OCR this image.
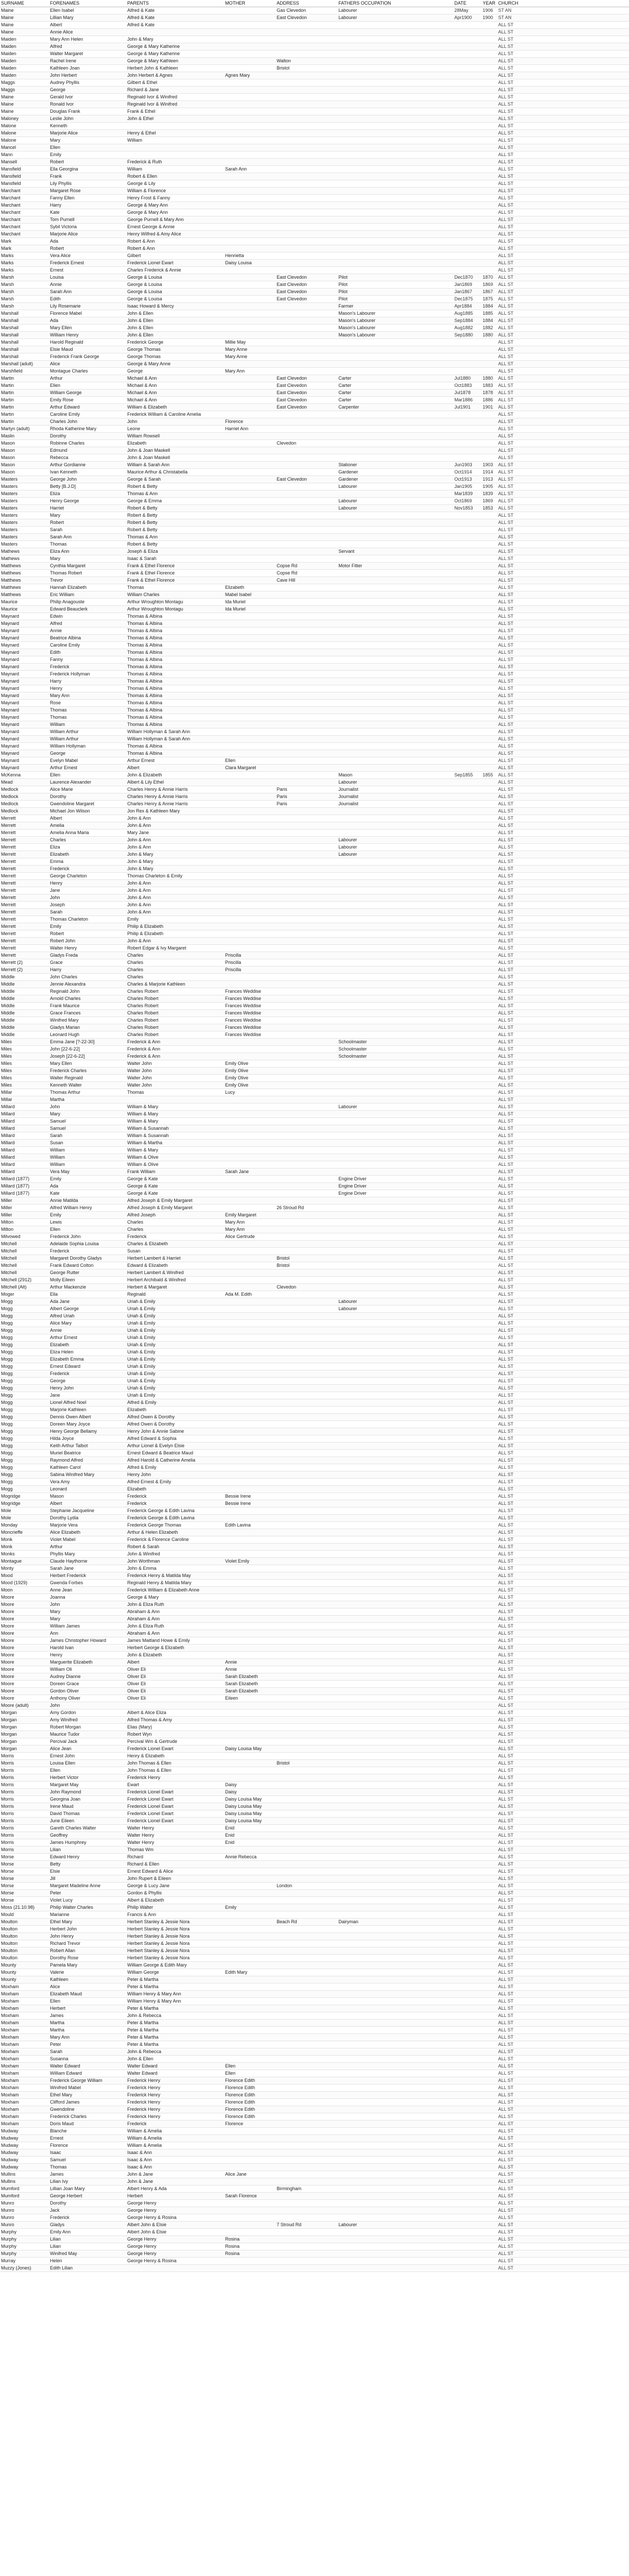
SURNAME	FORENAMES	PARENTS	MOTHER	ADDRESS	FATHERS OCCUPATION	DATE	YEAR	CHURCH
Maine	Ellen Isabel	Alfred & Kate		Gas Clevedon	Labourer	28May	1906	ST AN
Maine	Lillian Mary	Alfred & Kate		East Clevedon	Labourer	Apr1900	1900	ST AN
Maine	Albert	Alfred & Kate						ALL ST
Maine	Annie Alice							ALL ST
Maiden	Mary Ann Helen	John & Mary						ALL ST
Maiden	Alfred	George & Mary Katherine						ALL ST
Maiden	Walter Margaret	George & Mary Katherine						ALL ST
Maiden	Rachel Irene	George & Mary Kathleen		Walton				ALL ST
Maiden	Kathleen Joan	Herbert John & Kathleen		Bristol				ALL ST
Maiden	John Herbert	John Herbert & Agnes	Agnes Mary					ALL ST
Maggs	Audrey Phyllis	Gilbert & Ethel						ALL ST
Maggs	George	Richard & Jane						ALL ST
Maine	Gerald Ivor	Reginald Ivor & Winifred						ALL ST
Maine	Ronald Ivor	Reginald Ivor & Winifred						ALL ST
Maine	Douglas Frank	Frank & Ethel						ALL ST
Maloney	Leslie John	John & Ethel						ALL ST
Malone	Kenneth							ALL ST
Malone	Marjorie Alice	Henry & Ethel						ALL ST
Malone	Mary	William						ALL ST
Mancel	Ellen							ALL ST
Mann	Emily							ALL ST
Mansell	Robert	Frederick & Ruth						ALL ST
Mansfield	Ella Georgina	William	Sarah Ann					ALL ST
Mansfield	Frank	Robert & Ellen						ALL ST
Mansfield	Lily Phyllis	George & Lily						ALL ST
Marchant	Margaret Rose	William & Florence						ALL ST
Marchant	Fanny Ellen	Henry Frost & Fanny						ALL ST
Marchant	Harry	George & Mary Ann						ALL ST
Marchant	Kate	George & Mary Ann						ALL ST
Marchant	Tom Purnell	George Purnell & Mary Ann						ALL ST
Marchant	Sybil Victoria	Ernest George & Annie						ALL ST
Marchant	Marjorie Alice	Henry Wilfred & Amy Alice						ALL ST
Mark	Ada	Robert & Ann						ALL ST
Mark	Robert	Robert & Ann						ALL ST
Marks	Vera Alice	Gilbert	Henrietta					ALL ST
Marks	Frederick Ernest	Frederick Lionel Ewart	Daisy Louisa					ALL ST
Marks	Ernest	Charles Frederick & Annie						ALL ST
Marsh	Louisa	George & Louisa		East Clevedon	Pilot	Dec1870	1870	ALL ST
Marsh	Annie	George & Louisa		East Clevedon	Pilot	Jan1869	1869	ALL ST
Marsh	Sarah Ann	George & Louisa		East Clevedon	Pilot	Jan1867	1867	ALL ST
Marsh	Edith	George & Louisa		East Clevedon	Pilot	Dec1875	1875	ALL ST
Marsh	Lily Rosemarie	Isaac Howard & Mercy			Farmer	Apr1884	1884	ALL ST
Marshall	Florence Mabel	John & Ellen			Mason's Labourer	Aug1885	1885	ALL ST
Marshall	Ada	John & Ellen			Mason's Labourer	Sep1884	1884	ALL ST
Marshall	Mary Ellen	John & Ellen			Mason's Labourer	Aug1882	1882	ALL ST
Marshall	William Henry	John & Ellen			Mason's Labourer	Sep1880	1880	ALL ST
Marshall	Harold Reginald	Frederick George	Millie May					ALL ST
Marshall	Elsie Maud	George Thomas	Mary Anne					ALL ST
Marshall	Frederick Frank George	George Thomas	Mary Anne					ALL ST
Marshall (adult)	Alice	George & Mary Anne						ALL ST
Marshfield	Montague Charles	George	Mary Ann					ALL ST
Martin	Arthur	Michael & Ann		East Clevedon	Carter	Jul1880	1880	ALL ST
Martin	Ellen	Michael & Ann		East Clevedon	Carter	Oct1883	1883	ALL ST
Martin	William George	Michael & Ann		East Clevedon	Carter	Jul1878	1878	ALL ST
Martin	Emily Rose	Michael & Ann		East Clevedon	Carter	Mar1886	1886	ALL ST
Martin	Arthur Edward	William & Elizabeth		East Clevedon	Carpenter	Jul1901	1901	ALL ST
Martin	Caroline Emily	Frederick William & Caroline Amelia						ALL ST
Martin	Charles John	John	Florence					ALL ST
Martyn (adult)	Rhoda Katherine Mary	Leone	Harriet Ann					ALL ST
Maslin	Dorothy	William Rowsell						ALL ST
Mason	Robinne Charles	Elizabeth		Clevedon				ALL ST
Mason	Edmund	John & Joan Maskell						ALL ST
Mason	Rebecca	John & Joan Maskell						ALL ST
Mason	Arthur Gordianne	William & Sarah Ann			Stationer	Jun1903	1903	ALL ST
Mason	Ivan Kenneth	Maurice Arthur & Christabella			Gardener	Oct1914	1914	ALL ST
Masters	George John	George & Sarah		East Clevedon	Gardener	Oct1913	1913	ALL ST
Masters	Betty [B.J.D]	Robert & Betty			Labourer	Jan1905	1905	ALL ST
Masters	Eliza	Thomas & Ann				Mar1839	1839	ALL ST
Masters	Henry George	George & Emma			Labourer	Oct1869	1869	ALL ST
Masters	Harriet	Robert & Betty			Labourer	Nov1853	1853	ALL ST
Masters	Mary	Robert & Betty						ALL ST
Masters	Robert	Robert & Betty						ALL ST
Masters	Sarah	Robert & Betty						ALL ST
Masters	Sarah Ann	Thomas & Ann						ALL ST
Masters	Thomas	Robert & Betty						ALL ST
Mathews	Eliza Ann	Joseph & Eliza			Servant			ALL ST
Mathews	Mary	Isaac & Sarah						ALL ST
Matthews	Cynthia Margaret	Frank & Ethel Florence		Copse Rd	Motor Fitter			ALL ST
Matthews	Thomas Robert	Frank & Ethel Florence		Copse Rd				ALL ST
Matthews	Trevor	Frank & Ethel Florence		Cave Hill				ALL ST
Matthews	Hannah Elizabeth	Thomas	Elizabeth					ALL ST
Matthews	Eric William	William Charles	Mabel Isabel					ALL ST
Maurice	Philip Anagouste	Arthur Wroughton Montagu	Ida Muriel					ALL ST
Maurice	Edward Beauclerk	Arthur Wroughton Montagu	Ida Muriel					ALL ST
Maynard	Edwin	Thomas & Albina						ALL ST
Maynard	Alfred	Thomas & Albina						ALL ST
Maynard	Annie	Thomas & Albina						ALL ST
Maynard	Beatrice Albina	Thomas & Albina						ALL ST
Maynard	Caroline Emily	Thomas & Albina						ALL ST
Maynard	Edith	Thomas & Albina						ALL ST
Maynard	Fanny	Thomas & Albina						ALL ST
Maynard	Frederick	Thomas & Albina						ALL ST
Maynard	Frederick Hollyman	Thomas & Albina						ALL ST
Maynard	Harry	Thomas & Albina						ALL ST
Maynard	Henry	Thomas & Albina						ALL ST
Maynard	Mary Ann	Thomas & Albina						ALL ST
Maynard	Rose	Thomas & Albina						ALL ST
Maynard	Thomas	Thomas & Albina						ALL ST
Maynard	Thomas	Thomas & Albina						ALL ST
Maynard	William	Thomas & Albina						ALL ST
Maynard	William Arthur	William Hollyman & Sarah Ann						ALL ST
Maynard	William Arthur	William Hollyman & Sarah Ann						ALL ST
Maynard	William Hollyman	Thomas & Albina						ALL ST
Maynard	George	Thomas & Albina						ALL ST
Maynard	Evelyn Mabel	Arthur Ernest	Ellen					ALL ST
Maynard	Arthur Ernest	Albert	Clara Margaret					ALL ST
McKenna	Ellen	John & Elizabeth			Mason	Sep1855	1855	ALL ST
Mead	Laurence Alexander	Albert & Lily Ethel			Labourer			ALL ST
Medlock	Alice Marie	Charles Henry & Annie Harris		Paris	Journalist			ALL ST
Medlock	Dorothy	Charles Henry & Annie Harris		Paris	Journalist			ALL ST
Medlock	Gwendoline Margaret	Charles Henry & Annie Harris		Paris	Journalist			ALL ST
Medlock	Michael Jon Wilson	Jon Rex & Kathleen Mary						ALL ST
Merrett	Albert	John & Ann						ALL ST
Merrett	Amelia	John & Ann						ALL ST
Merrett	Amelia Anna Maria	Mary Jane						ALL ST
Merrett	Charles	John & Ann			Labourer			ALL ST
Merrett	Eliza	John & Ann			Labourer			ALL ST
Merrett	Elizabeth	John & Mary			Labourer			ALL ST
Merrett	Emma	John & Mary						ALL ST
Merrett	Frederick	John & Mary						ALL ST
Merrett	George Charleton	Thomas Charleton & Emily						ALL ST
Merrett	Henry	John & Ann						ALL ST
Merrett	Jane	John & Ann						ALL ST
Merrett	John	John & Ann						ALL ST
Merrett	Joseph	John & Ann						ALL ST
Merrett	Sarah	John & Ann						ALL ST
Merrett	Thomas Charleton	Emily						ALL ST
Merrett	Emily	Philip & Elizabeth						ALL ST
Merrett	Robert	Philip & Elizabeth						ALL ST
Merrett	Robert John	John & Ann						ALL ST
Merrett	Walter Henry	Robert Edgar & Ivy Margaret						ALL ST
Merrett	Gladys Freda	Charles	Priscilla					ALL ST
Merrett (2)	Grace	Charles	Priscilla					ALL ST
Merrett (2)	Harry	Charles	Priscilla					ALL ST
Middle	John Charles	Charles						ALL ST
Middle	Jennie Alexandra	Charles & Marjorie Kathleen						ALL ST
Middle	Reginald John	Charles Robert	Frances Weddise					ALL ST
Middle	Arnold Charles	Charles Robert	Frances Weddise					ALL ST
Middle	Frank Maurice	Charles Robert	Frances Weddise					ALL ST
Middle	Grace Frances	Charles Robert	Frances Weddise					ALL ST
Middle	Winifred Mary	Charles Robert	Frances Weddise					ALL ST
Middle	Gladys Marian	Charles Robert	Frances Weddise					ALL ST
Middle	Leonard Hugh	Charles Robert	Frances Weddise					ALL ST
Miles	Emma Jane [?-22-30]	Frederick & Ann			Schoolmaster			ALL ST
Miles	John [22-6-22]	Frederick & Ann			Schoolmaster			ALL ST
Miles	Joseph [22-6-22]	Frederick & Ann			Schoolmaster			ALL ST
Miles	Mary Ellen	Walter John	Emily Olive					ALL ST
Miles	Frederick Charles	Walter John	Emily Olive					ALL ST
Miles	Walter Reginald	Walter John	Emily Olive					ALL ST
Miles	Kenneth Walter	Walter John	Emily Olive					ALL ST
Millar	Thomas Arthur	Thomas	Lucy					ALL ST
Millar	Martha							ALL ST
Millard	John	William & Mary			Labourer			ALL ST
Millard	Mary	William & Mary						ALL ST
Millard	Samuel	William & Mary						ALL ST
Millard	Samuel	William & Susannah						ALL ST
Millard	Sarah	William & Susannah						ALL ST
Millard	Susan	William & Martha						ALL ST
Millard	William	William & Mary						ALL ST
Millard	William	William & Olive						ALL ST
Millard	William	William & Olive						ALL ST
Millard	Vera May	Frank William	Sarah Jane					ALL ST
Millard (1877)	Emily	George & Kate			Engine Driver			ALL ST
Millard (1877)	Ada	George & Kate			Engine Driver			ALL ST
Millard (1877)	Kate	George & Kate			Engine Driver			ALL ST
Miller	Annie Matilda	Alfred Joseph & Emily Margaret						ALL ST
Miller	Alfred William Henry	Alfred Joseph & Emily Margaret		26 Stroud Rd				ALL ST
Miller	Emily	Alfred Joseph	Emily Margaret					ALL ST
Milton	Lewis	Charles	Mary Ann					ALL ST
Milton	Ellen	Charles	Mary Ann					ALL ST
Milvowed	Frederick John	Frederick	Alice Gertrude					ALL ST
Mitchell	Adelaide Sophia Louisa	Charles & Elizabeth						ALL ST
Mitchell	Frederick	Susan						ALL ST
Mitchell	Margaret Dorothy Gladys	Herbert Lambert & Harriet		Bristol				ALL ST
Mitchell	Frank Edward Colton	Edward & Elizabeth		Bristol				ALL ST
Mitchell	George Rutter	Herbert Lambert & Winifred						ALL ST
Mitchell (2912)	Molly Eileen	Herbert Archibald & Winifred						ALL ST
Mitchell (Alt)	Arthur Mackenzie	Herbert & Margaret		Clevedon				ALL ST
Moger	Ella	Reginald	Ada M. Edith					ALL ST
Mogg	Ada Jane	Uriah & Emily			Labourer			ALL ST
Mogg	Albert George	Uriah & Emily			Labourer			ALL ST
Mogg	Alfred Uriah	Uriah & Emily						ALL ST
Mogg	Alice Mary	Uriah & Emily						ALL ST
Mogg	Annie	Uriah & Emily						ALL ST
Mogg	Arthur Ernest	Uriah & Emily						ALL ST
Mogg	Elizabeth	Uriah & Emily						ALL ST
Mogg	Eliza Helen	Uriah & Emily						ALL ST
Mogg	Elizabeth Emma	Uriah & Emily						ALL ST
Mogg	Ernest Edward	Uriah & Emily						ALL ST
Mogg	Frederick	Uriah & Emily						ALL ST
Mogg	George	Uriah & Emily						ALL ST
Mogg	Henry John	Uriah & Emily						ALL ST
Mogg	Jane	Uriah & Emily						ALL ST
Mogg	Lionel Alfred Noel	Alfred & Emily						ALL ST
Mogg	Marjorie Kathleen	Elizabeth						ALL ST
Mogg	Dennis Owen Albert	Alfred Owen & Dorothy						ALL ST
Mogg	Doreen Mary Joyce	Alfred Owen & Dorothy						ALL ST
Mogg	Henry George Bellamy	Henry John & Annie Sabine						ALL ST
Mogg	Hilda Joyce	Alfred Edward & Sophia						ALL ST
Mogg	Keith Arthur Talbot	Arthur Lionel & Evelyn Elsie						ALL ST
Mogg	Muriel Beatrice	Ernest Edward & Beatrice Maud						ALL ST
Mogg	Raymond Alfred	Alfred Harold & Catherine Amelia						ALL ST
Mogg	Kathleen Carol	Alfred & Emily						ALL ST
Mogg	Sabina Winifred Mary	Henry John						ALL ST
Mogg	Vera Amy	Alfred Ernest & Emily						ALL ST
Mogg	Leonard	Elizabeth						ALL ST
Mogridge	Mason	Frederick	Bessie Irene					ALL ST
Mogridge	Albert	Frederick	Bessie Irene					ALL ST
Mole	Stephanie Jacqueline	Frederick George & Edith Lavina						ALL ST
Mole	Dorothy Lydia	Frederick George & Edith Lavina						ALL ST
Monday	Marjorie Vera	Frederick George Thomas	Edith Lavina					ALL ST
Moncrieffe	Alice Elizabeth	Arthur & Helen Elizabeth						ALL ST
Monk	Violet Mabel	Frederick & Florence Caroline						ALL ST
Monk	Arthur	Robert & Sarah						ALL ST
Monks	Phyllis Mary	John & Winifred						ALL ST
Montague	Claude Haythorne	John Worthman	Violet Emily					ALL ST
Monty	Sarah Jane	John & Emma						ALL ST
Mood	Herbert Frederick	Frederick Henry & Matilda May						ALL ST
Mood (1929)	Gwenda Forbes	Reginald Henry & Matilda Mary						ALL ST
Moon	Anne Jean	Frederick William & Elizabeth Anne						ALL ST
Moore	Joanna	George & Mary						ALL ST
Moore	John	John & Eliza Ruth						ALL ST
Moore	Mary	Abraham & Ann						ALL ST
Moore	Mary	Abraham & Ann						ALL ST
Moore	William James	John & Eliza Ruth						ALL ST
Moore	Ann	Abraham & Ann						ALL ST
Moore	James Christopher Howard	James Maitland Howe & Emily						ALL ST
Moore	Harold Ivan	Herbert George & Elizabeth						ALL ST
Moore	Henry	John & Elizabeth						ALL ST
Moore	Marguerite Elizabeth	Albert	Annie					ALL ST
Moore	William Oli	Oliver Eli	Annie					ALL ST
Moore	Audrey Dianne	Oliver Eli	Sarah Elizabeth					ALL ST
Moore	Doreen Grace	Oliver Eli	Sarah Elizabeth					ALL ST
Moore	Gordon Oliver	Oliver Eli	Sarah Elizabeth					ALL ST
Moore	Anthony Oliver	Oliver Eli	Eileen					ALL ST
Moore (adult)	John							ALL ST
Morgan	Amy Gordon	Albert & Alice Eliza						ALL ST
Morgan	Amy Winifred	Alfred Thomas & Amy						ALL ST
Morgan	Robert Morgan	Elias (Mary)						ALL ST
Morgan	Maurice Tudor	Robert Wyn						ALL ST
Morgan	Percival Jack	Percival Wm & Gertrude						ALL ST
Morgan	Alice Jean	Frederick Lionel Ewart	Daisy Louisa May					ALL ST
Morris	Ernest John	Henry & Elizabeth						ALL ST
Morris	Louisa Ellen	John Thomas & Ellen		Bristol				ALL ST
Morris	Ellen	John Thomas & Ellen						ALL ST
Morris	Herbert Victor	Frederick Henry						ALL ST
Morris	Margaret May	Ewart	Daisy					ALL ST
Morris	John Raymond	Frederick Lionel Ewart	Daisy					ALL ST
Morris	Georgina Joan	Frederick Lionel Ewart	Daisy Louisa May					ALL ST
Morris	Irene Maud	Frederick Lionel Ewart	Daisy Louisa May					ALL ST
Morris	David Thomas	Frederick Lionel Ewart	Daisy Louisa May					ALL ST
Morris	June Eileen	Frederick Lionel Ewart	Daisy Louisa May					ALL ST
Morris	Gareth Charles Walter	Walter Henry	Enid					ALL ST
Morris	Geoffrey	Walter Henry	Enid					ALL ST
Morris	James Humphrey	Walter Henry	Enid					ALL ST
Morris	Lilian	Thomas Wm						ALL ST
Morse	Edward Henry	Richard	Annie Rebecca					ALL ST
Morse	Betty	Richard & Ellen						ALL ST
Morse	Elsie	Ernest Edward & Alice						ALL ST
Morse	Jill	John Rupert & Eileen						ALL ST
Morse	Margaret Madeline Anne	George & Lucy Jane		London				ALL ST
Morse	Peter	Gordon & Phyllis						ALL ST
Morse	Violet Lucy	Albert & Elizabeth						ALL ST
Moss (21.10.98)	Philip Walter Charles	Philip Walter	Emily					ALL ST
Mould	Marianne	Francis & Ann						ALL ST
Moulton	Ethel Mary	Herbert Stanley & Jessie Nora		Beach Rd	Dairyman			ALL ST
Moulton	Herbert John	Herbert Stanley & Jessie Nora						ALL ST
Moulton	John Henry	Herbert Stanley & Jessie Nora						ALL ST
Moulton	Richard Trevor	Herbert Stanley & Jessie Nora						ALL ST
Moulton	Robert Allan	Herbert Stanley & Jessie Nora						ALL ST
Moulton	Dorothy Rose	Herbert Stanley & Jessie Nora						ALL ST
Mounty	Pamela Mary	William George & Edith Mary						ALL ST
Mounty	Valerie	William George	Edith Mary					ALL ST
Mounty	Kathleen	Peter & Martha						ALL ST
Moxham	Alice	Peter & Martha						ALL ST
Moxham	Elizabeth Maud	William Henry & Mary Ann						ALL ST
Moxham	Ellen	William Henry & Mary Ann						ALL ST
Moxham	Herbert	Peter & Martha						ALL ST
Moxham	James	John & Rebecca						ALL ST
Moxham	Martha	Peter & Martha						ALL ST
Moxham	Martha	Peter & Martha						ALL ST
Moxham	Mary Ann	Peter & Martha						ALL ST
Moxham	Peter	Peter & Martha						ALL ST
Moxham	Sarah	John & Rebecca						ALL ST
Moxham	Susanna	John & Ellen						ALL ST
Moxham	Walter Edward	Walter Edward	Ellen					ALL ST
Moxham	William Edward	Walter Edward	Ellen					ALL ST
Moxham	Frederick George William	Frederick Henry	Florence Edith					ALL ST
Moxham	Winifred Mabel	Frederick Henry	Florence Edith					ALL ST
Moxham	Ethel Mary	Frederick Henry	Florence Edith					ALL ST
Moxham	Clifford James	Frederick Henry	Florence Edith					ALL ST
Moxham	Gwendoline	Frederick Henry	Florence Edith					ALL ST
Moxham	Frederick Charles	Frederick Henry	Florence Edith					ALL ST
Moxham	Doris Maud	Frederick	Florence					ALL ST
Mudway	Blanche	William & Amelia						ALL ST
Mudway	Ernest	William & Amelia						ALL ST
Mudway	Florence	William & Amelia						ALL ST
Mudway	Isaac	Isaac & Ann						ALL ST
Mudway	Samuel	Isaac & Ann						ALL ST
Mudway	Thomas	Isaac & Ann						ALL ST
Mullins	James	John & Jane	Alice Jane					ALL ST
Mullins	Lilian Ivy	John & Jane						ALL ST
Mumford	Lillian Joan Mary	Albert Henry & Ada		Birmingham				ALL ST
Mumford	George Herbert	Herbert	Sarah Florence					ALL ST
Munro	Dorothy	George Henry						ALL ST
Munro	Jack	George Henry						ALL ST
Munro	Frederick	George Henry & Rosina						ALL ST
Munro	Gladys	Albert John & Elsie		7 Stroud Rd	Labourer			ALL ST
Murphy	Emily Ann	Albert John & Elsie						ALL ST
Murphy	Lilian	George Henry	Rosina					ALL ST
Murphy	Lilian	George Henry	Rosina					ALL ST
Murphy	Winifred May	George Henry	Rosina					ALL ST
Murray	Helen	George Henry & Rosina						ALL ST
Muzzy (Jones)	Edith Lilian							ALL ST
